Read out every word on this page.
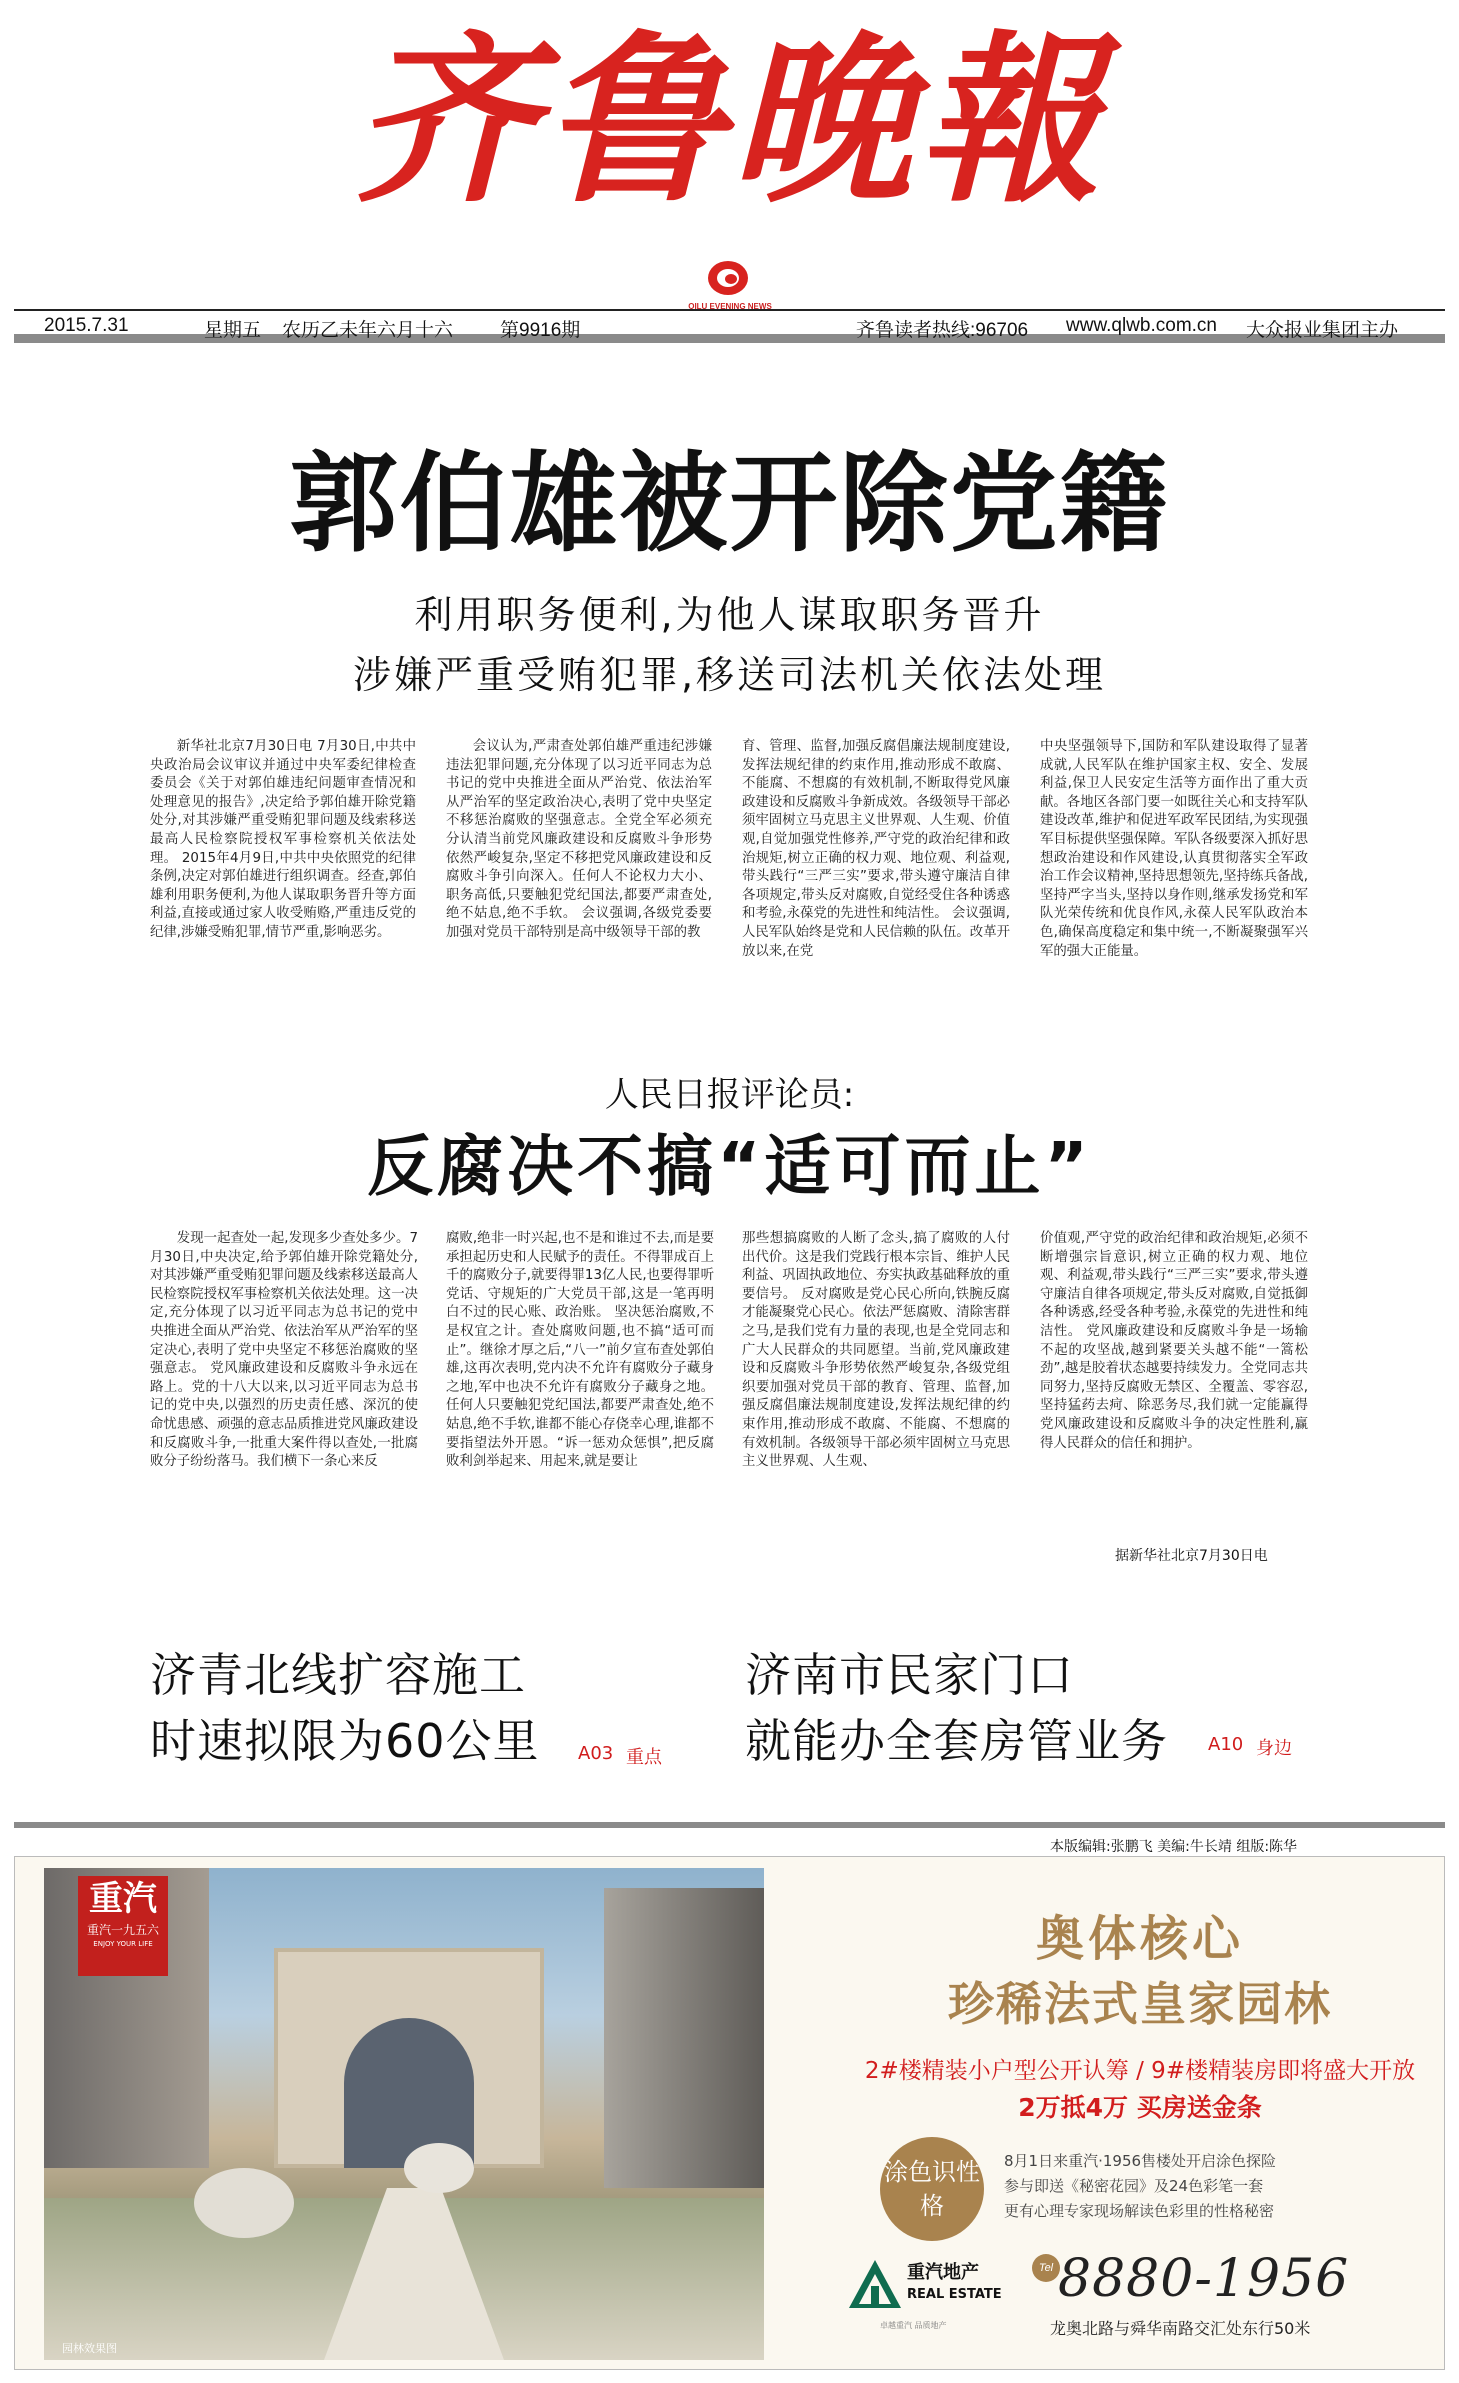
齐鲁晚報
QILU EVENING NEWS
2015.7.31	星期五 农历乙未年六月十六 第9916期	齐鲁读者热线:96706 www.qlwb.com.cn 大众报业集团主办
郭伯雄被开除党籍
利用职务便利,为他人谋取职务晋升
涉嫌严重受贿犯罪,移送司法机关依法处理
新华社北京7月30日电 7月30日,中共中央政治局会议审议并通过中央军委纪律检查委员会《关于对郭伯雄违纪问题审查情况和处理意见的报告》,决定给予郭伯雄开除党籍处分,对其涉嫌严重受贿犯罪问题及线索移送最高人民检察院授权军事检察机关依法处理。 2015年4月9日,中共中央依照党的纪律条例,决定对郭伯雄进行组织调查。经查,郭伯雄利用职务便利,为他人谋取职务晋升等方面利益,直接或通过家人收受贿赂,严重违反党的纪律,涉嫌受贿犯罪,情节严重,影响恶劣。
会议认为,严肃查处郭伯雄严重违纪涉嫌违法犯罪问题,充分体现了以习近平同志为总书记的党中央推进全面从严治党、依法治军从严治军的坚定政治决心,表明了党中央坚定不移惩治腐败的坚强意志。全党全军必须充分认清当前党风廉政建设和反腐败斗争形势依然严峻复杂,坚定不移把党风廉政建设和反腐败斗争引向深入。任何人不论权力大小、职务高低,只要触犯党纪国法,都要严肃查处,绝不姑息,绝不手软。 会议强调,各级党委要加强对党员干部特别是高中级领导干部的教
育、管理、监督,加强反腐倡廉法规制度建设,发挥法规纪律的约束作用,推动形成不敢腐、不能腐、不想腐的有效机制,不断取得党风廉政建设和反腐败斗争新成效。各级领导干部必须牢固树立马克思主义世界观、人生观、价值观,自觉加强党性修养,严守党的政治纪律和政治规矩,树立正确的权力观、地位观、利益观,带头践行“三严三实”要求,带头遵守廉洁自律各项规定,带头反对腐败,自觉经受住各种诱惑和考验,永葆党的先进性和纯洁性。 会议强调,人民军队始终是党和人民信赖的队伍。改革开放以来,在党
中央坚强领导下,国防和军队建设取得了显著成就,人民军队在维护国家主权、安全、发展利益,保卫人民安定生活等方面作出了重大贡献。各地区各部门要一如既往关心和支持军队建设改革,维护和促进军政军民团结,为实现强军目标提供坚强保障。军队各级要深入抓好思想政治建设和作风建设,认真贯彻落实全军政治工作会议精神,坚持思想领先,坚持练兵备战,坚持严字当头,坚持以身作则,继承发扬党和军队光荣传统和优良作风,永葆人民军队政治本色,确保高度稳定和集中统一,不断凝聚强军兴军的强大正能量。
人民日报评论员:
反腐决不搞“适可而止”
发现一起查处一起,发现多少查处多少。7月30日,中央决定,给予郭伯雄开除党籍处分,对其涉嫌严重受贿犯罪问题及线索移送最高人民检察院授权军事检察机关依法处理。这一决定,充分体现了以习近平同志为总书记的党中央推进全面从严治党、依法治军从严治军的坚定决心,表明了党中央坚定不移惩治腐败的坚强意志。 党风廉政建设和反腐败斗争永远在路上。党的十八大以来,以习近平同志为总书记的党中央,以强烈的历史责任感、深沉的使命忧患感、顽强的意志品质推进党风廉政建设和反腐败斗争,一批重大案件得以查处,一批腐败分子纷纷落马。我们横下一条心来反
腐败,绝非一时兴起,也不是和谁过不去,而是要承担起历史和人民赋予的责任。不得罪成百上千的腐败分子,就要得罪13亿人民,也要得罪听党话、守规矩的广大党员干部,这是一笔再明白不过的民心账、政治账。 坚决惩治腐败,不是权宜之计。查处腐败问题,也不搞“适可而止”。继徐才厚之后,“八一”前夕宣布查处郭伯雄,这再次表明,党内决不允许有腐败分子藏身之地,军中也决不允许有腐败分子藏身之地。任何人只要触犯党纪国法,都要严肃查处,绝不姑息,绝不手软,谁都不能心存侥幸心理,谁都不要指望法外开恩。“诉一惩劝众惩惧”,把反腐败利剑举起来、用起来,就是要让
那些想搞腐败的人断了念头,搞了腐败的人付出代价。这是我们党践行根本宗旨、维护人民利益、巩固执政地位、夯实执政基础释放的重要信号。 反对腐败是党心民心所向,铁腕反腐才能凝聚党心民心。依法严惩腐败、清除害群之马,是我们党有力量的表现,也是全党同志和广大人民群众的共同愿望。当前,党风廉政建设和反腐败斗争形势依然严峻复杂,各级党组织要加强对党员干部的教育、管理、监督,加强反腐倡廉法规制度建设,发挥法规纪律的约束作用,推动形成不敢腐、不能腐、不想腐的有效机制。各级领导干部必须牢固树立马克思主义世界观、人生观、
价值观,严守党的政治纪律和政治规矩,必须不断增强宗旨意识,树立正确的权力观、地位观、利益观,带头践行“三严三实”要求,带头遵守廉洁自律各项规定,带头反对腐败,自觉抵御各种诱惑,经受各种考验,永葆党的先进性和纯洁性。 党风廉政建设和反腐败斗争是一场输不起的攻坚战,越到紧要关头越不能“一篙松劲”,越是胶着状态越要持续发力。全党同志共同努力,坚持反腐败无禁区、全覆盖、零容忍,坚持猛药去疴、除恶务尽,我们就一定能赢得党风廉政建设和反腐败斗争的决定性胜利,赢得人民群众的信任和拥护。
据新华社北京7月30日电
济青北线扩容施工
时速拟限为60公里 A03 重点
济南市民家门口
就能办全套房管业务 A10 身边
本版编辑:张鹏飞 美编:牛长靖 组版:陈华
重汽
重汽一九五六
ENJOY YOUR LIFE
园林效果图
奥体核心
珍稀法式皇家园林
2#楼精装小户型公开认筹 / 9#楼精装房即将盛大开放
2万抵4万 买房送金条
涂色识性格
8月1日来重汽·1956售楼处开启涂色探险
参与即送《秘密花园》及24色彩笔一套
更有心理专家现场解读色彩里的性格秘密
重汽地产
REAL ESTATE
卓越重汽 品质地产
Tel 8880-1956
龙奥北路与舜华南路交汇处东行50米
